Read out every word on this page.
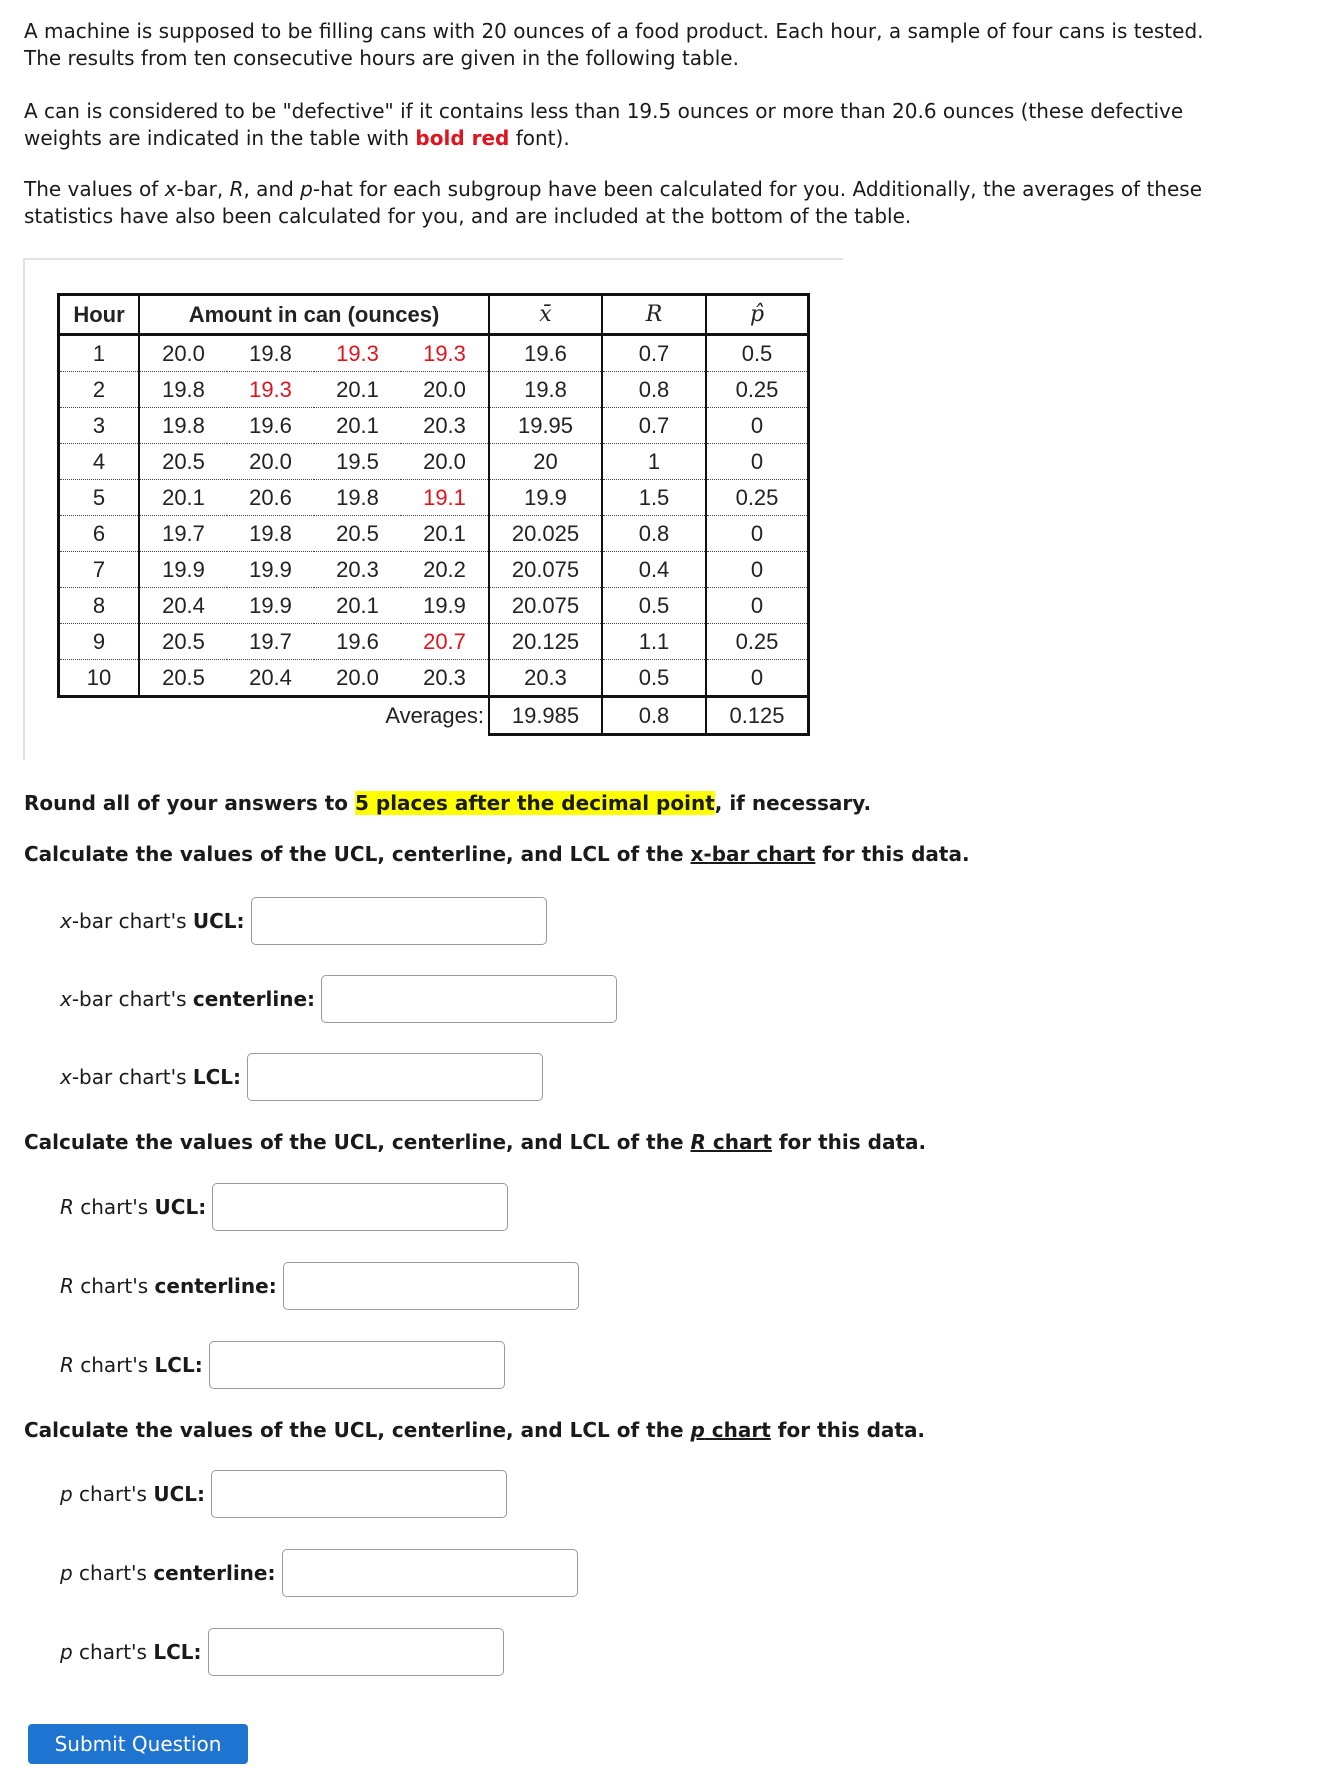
A machine is supposed to be filling cans with 20 ounces of a food product. Each hour, a sample of four cans is tested. The results from ten consecutive hours are given in the following table.

A can is considered to be "defective" if it contains less than 19.5 ounces or more than 20.6 ounces (these defective weights are indicated in the table with bold red font).

The values of x-bar, R, and p-hat for each subgroup have been calculated for you. Additionally, the averages of these statistics have also been calculated for you, and are included at the bottom of the table.

Hour	Amount in can (ounces)				x̄	R	p̂
1	20.0	19.8	19.3	19.3	19.6	0.7	0.5
2	19.8	19.3	20.1	20.0	19.8	0.8	0.25
3	19.8	19.6	20.1	20.3	19.95	0.7	0
4	20.5	20.0	19.5	20.0	20	1	0
5	20.1	20.6	19.8	19.1	19.9	1.5	0.25
6	19.7	19.8	20.5	20.1	20.025	0.8	0
7	19.9	19.9	20.3	20.2	20.075	0.4	0
8	20.4	19.9	20.1	19.9	20.075	0.5	0
9	20.5	19.7	19.6	20.7	20.125	1.1	0.25
10	20.5	20.4	20.0	20.3	20.3	0.5	0
	Averages:				19.985	0.8	0.125

Round all of your answers to 5 places after the decimal point, if necessary.

Calculate the values of the UCL, centerline, and LCL of the x-bar chart for this data.

x-bar chart's UCL:
x-bar chart's centerline:
x-bar chart's LCL:

Calculate the values of the UCL, centerline, and LCL of the R chart for this data.

R chart's UCL:
R chart's centerline:
R chart's LCL:

Calculate the values of the UCL, centerline, and LCL of the p chart for this data.

p chart's UCL:
p chart's centerline:
p chart's LCL:
Submit Question
